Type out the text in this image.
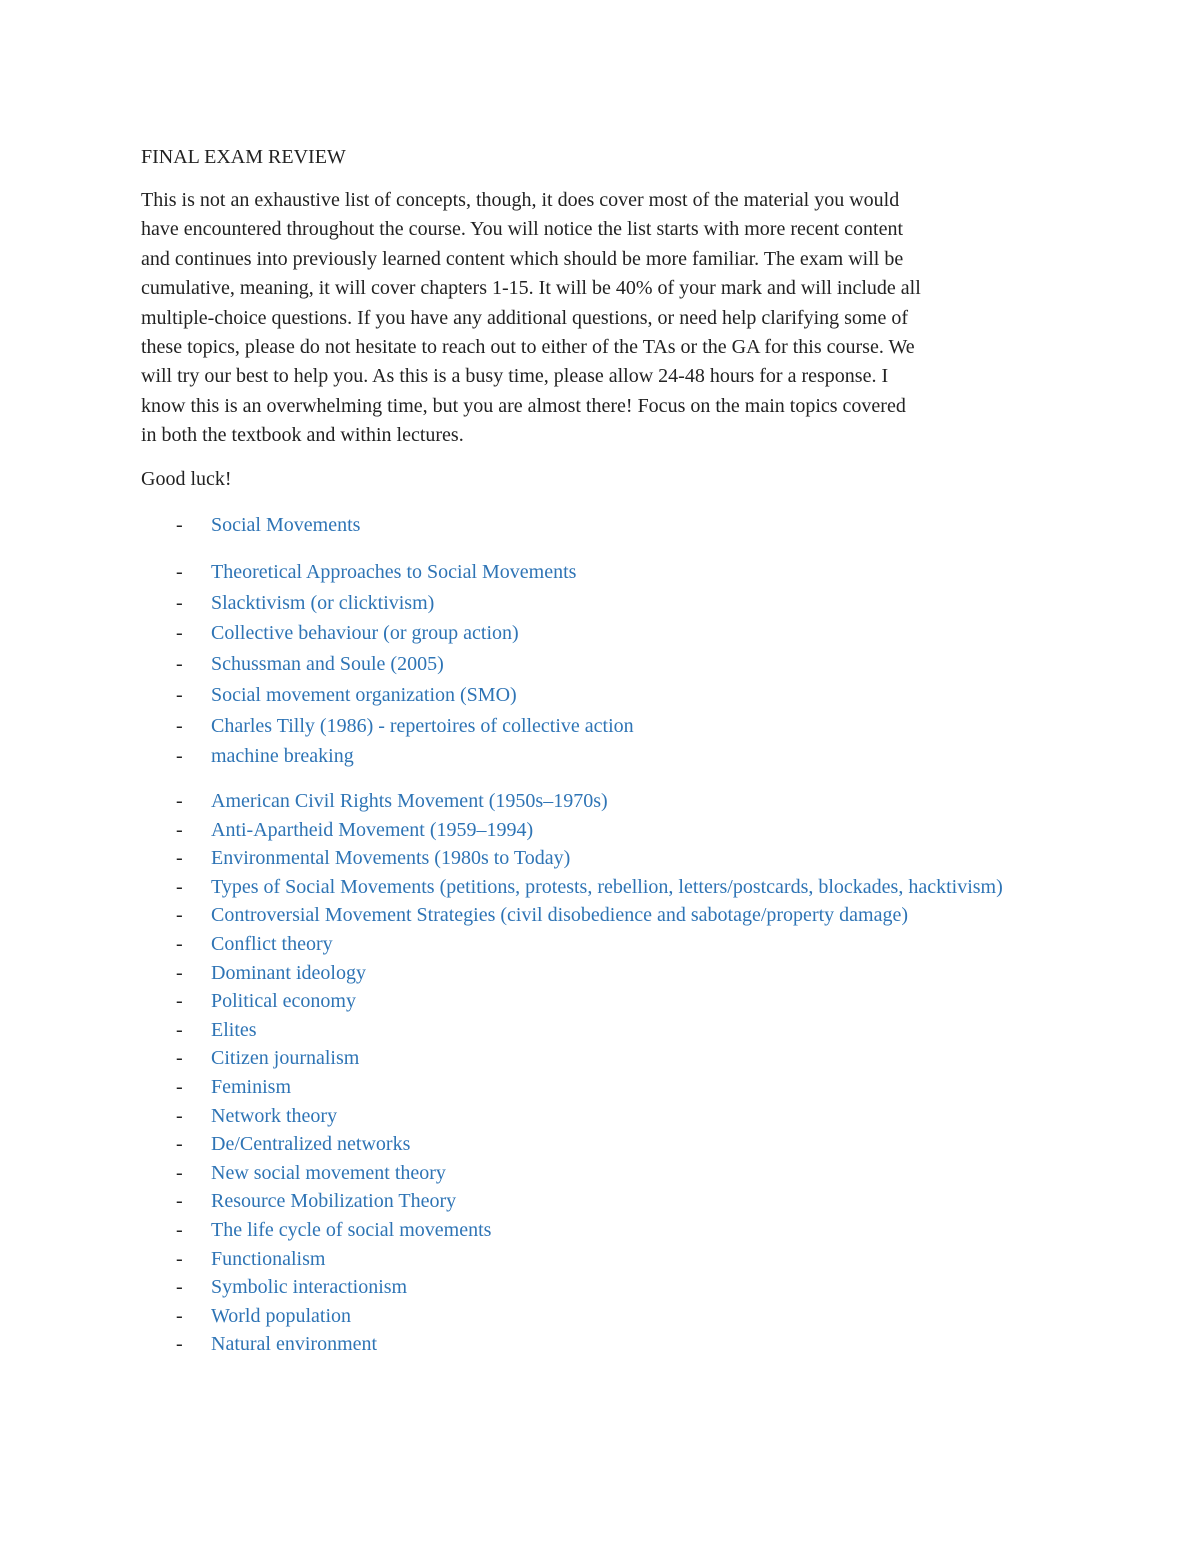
FINAL EXAM REVIEW

This is not an exhaustive list of concepts, though, it does cover most of the material you would
have encountered throughout the course. You will notice the list starts with more recent content
and continues into previously learned content which should be more familiar. The exam will be
cumulative, meaning, it will cover chapters 1-15. It will be 40% of your mark and will include all
multiple-choice questions. If you have any additional questions, or need help clarifying some of
these topics, please do not hesitate to reach out to either of the TAs or the GA for this course. We
will try our best to help you. As this is a busy time, please allow 24-48 hours for a response. I
know this is an overwhelming time, but you are almost there! Focus on the main topics covered
in both the textbook and within lectures.

Good luck!

- Social Movements
- Theoretical Approaches to Social Movements
- Slacktivism (or clicktivism)
- Collective behaviour (or group action)
- Schussman and Soule (2005)
- Social movement organization (SMO)
- Charles Tilly (1986) - repertoires of collective action
- machine breaking
- American Civil Rights Movement (1950s–1970s)
- Anti-Apartheid Movement (1959–1994)
- Environmental Movements (1980s to Today)
- Types of Social Movements (petitions, protests, rebellion, letters/postcards, blockades, hacktivism)
- Controversial Movement Strategies (civil disobedience and sabotage/property damage)
- Conflict theory
- Dominant ideology
- Political economy
- Elites
- Citizen journalism
- Feminism
- Network theory
- De/Centralized networks
- New social movement theory
- Resource Mobilization Theory
- The life cycle of social movements
- Functionalism
- Symbolic interactionism
- World population
- Natural environment
